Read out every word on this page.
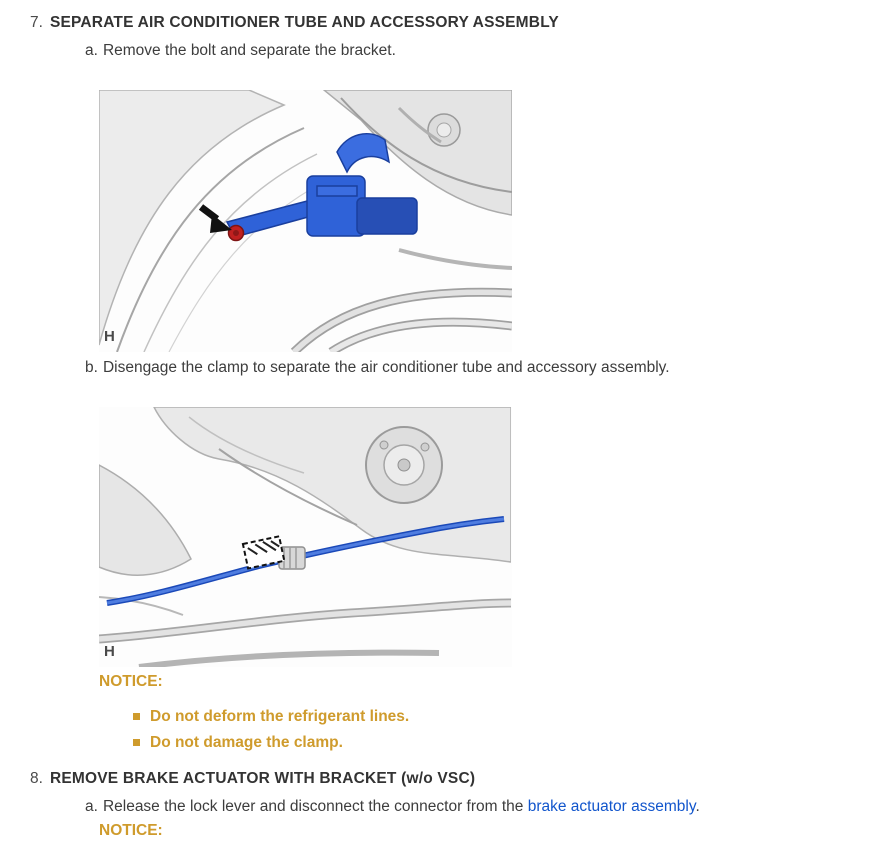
7. SEPARATE AIR CONDITIONER TUBE AND ACCESSORY ASSEMBLY
a. Remove the bolt and separate the bracket.
H
b. Disengage the clamp to separate the air conditioner tube and accessory assembly.
H
NOTICE:
Do not deform the refrigerant lines.
Do not damage the clamp.
8. REMOVE BRAKE ACTUATOR WITH BRACKET (w/o VSC)
a. Release the lock lever and disconnect the connector from the brake actuator assembly.
NOTICE:
